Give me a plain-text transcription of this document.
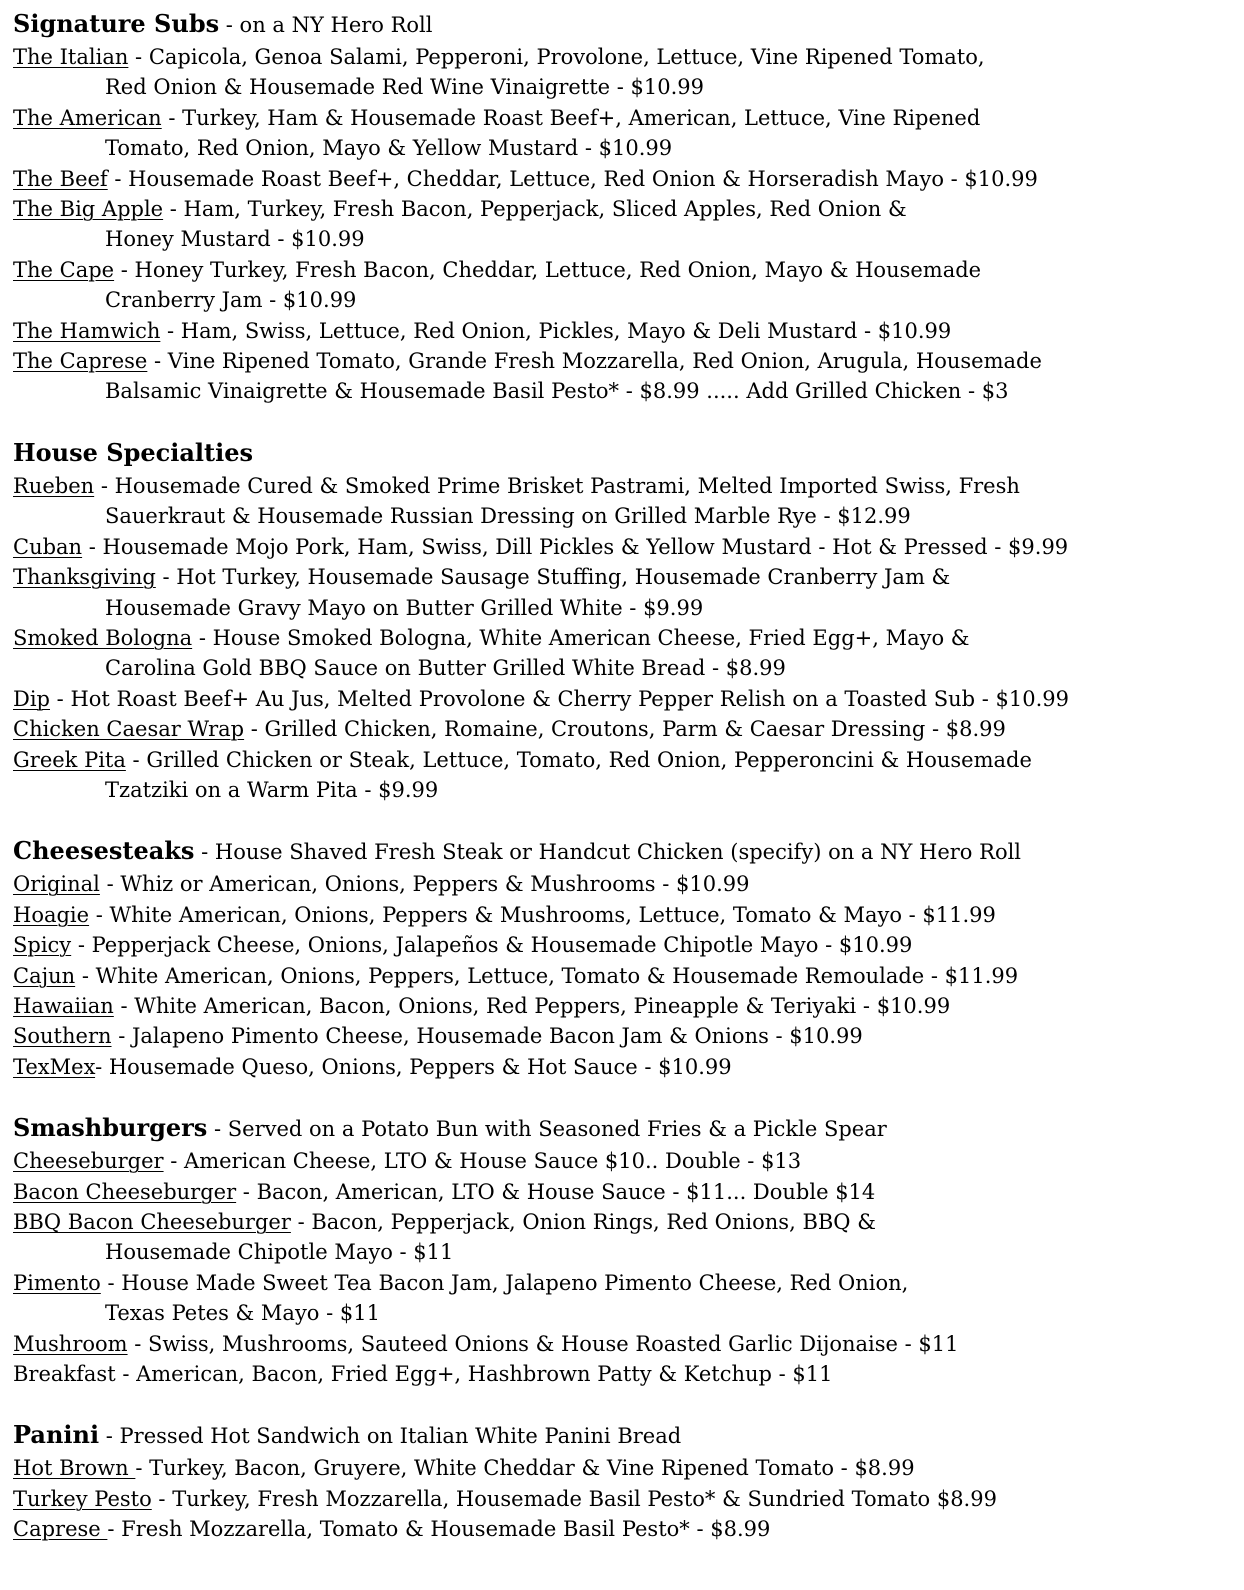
Signature Subs - on a NY Hero Roll
The Italian - Capicola, Genoa Salami, Pepperoni, Provolone, Lettuce, Vine Ripened Tomato,
Red Onion & Housemade Red Wine Vinaigrette - $10.99
The American - Turkey, Ham & Housemade Roast Beef+, American, Lettuce, Vine Ripened
Tomato, Red Onion, Mayo & Yellow Mustard - $10.99
The Beef - Housemade Roast Beef+, Cheddar, Lettuce, Red Onion & Horseradish Mayo - $10.99
The Big Apple - Ham, Turkey, Fresh Bacon, Pepperjack, Sliced Apples, Red Onion &
Honey Mustard - $10.99
The Cape - Honey Turkey, Fresh Bacon, Cheddar, Lettuce, Red Onion, Mayo & Housemade
Cranberry Jam - $10.99
The Hamwich - Ham, Swiss, Lettuce, Red Onion, Pickles, Mayo & Deli Mustard - $10.99
The Caprese - Vine Ripened Tomato, Grande Fresh Mozzarella, Red Onion, Arugula, Housemade
Balsamic Vinaigrette & Housemade Basil Pesto* - $8.99 ..... Add Grilled Chicken - $3
House Specialties
Rueben - Housemade Cured & Smoked Prime Brisket Pastrami, Melted Imported Swiss, Fresh
Sauerkraut & Housemade Russian Dressing on Grilled Marble Rye - $12.99
Cuban - Housemade Mojo Pork, Ham, Swiss, Dill Pickles & Yellow Mustard - Hot & Pressed - $9.99
Thanksgiving - Hot Turkey, Housemade Sausage Stuffing, Housemade Cranberry Jam &
Housemade Gravy Mayo on Butter Grilled White - $9.99
Smoked Bologna - House Smoked Bologna, White American Cheese, Fried Egg+, Mayo &
Carolina Gold BBQ Sauce on Butter Grilled White Bread - $8.99
Dip - Hot Roast Beef+ Au Jus, Melted Provolone & Cherry Pepper Relish on a Toasted Sub - $10.99
Chicken Caesar Wrap - Grilled Chicken, Romaine, Croutons, Parm & Caesar Dressing - $8.99
Greek Pita - Grilled Chicken or Steak, Lettuce, Tomato, Red Onion, Pepperoncini & Housemade
Tzatziki on a Warm Pita - $9.99
Cheesesteaks - House Shaved Fresh Steak or Handcut Chicken (specify) on a NY Hero Roll
Original - Whiz or American, Onions, Peppers & Mushrooms - $10.99
Hoagie - White American, Onions, Peppers & Mushrooms, Lettuce, Tomato & Mayo - $11.99
Spicy - Pepperjack Cheese, Onions, Jalapeños & Housemade Chipotle Mayo - $10.99
Cajun - White American, Onions, Peppers, Lettuce, Tomato & Housemade Remoulade - $11.99
Hawaiian - White American, Bacon, Onions, Red Peppers, Pineapple & Teriyaki - $10.99
Southern - Jalapeno Pimento Cheese, Housemade Bacon Jam & Onions - $10.99
TexMex- Housemade Queso, Onions, Peppers & Hot Sauce - $10.99
Smashburgers - Served on a Potato Bun with Seasoned Fries & a Pickle Spear
Cheeseburger - American Cheese, LTO & House Sauce $10.. Double - $13
Bacon Cheeseburger - Bacon, American, LTO & House Sauce - $11... Double $14
BBQ Bacon Cheeseburger - Bacon, Pepperjack, Onion Rings, Red Onions, BBQ &
Housemade Chipotle Mayo - $11
Pimento - House Made Sweet Tea Bacon Jam, Jalapeno Pimento Cheese, Red Onion,
Texas Petes & Mayo - $11
Mushroom - Swiss, Mushrooms, Sauteed Onions & House Roasted Garlic Dijonaise - $11
Breakfast - American, Bacon, Fried Egg+, Hashbrown Patty & Ketchup - $11
Panini - Pressed Hot Sandwich on Italian White Panini Bread
Hot Brown - Turkey, Bacon, Gruyere, White Cheddar & Vine Ripened Tomato - $8.99
Turkey Pesto - Turkey, Fresh Mozzarella, Housemade Basil Pesto* & Sundried Tomato $8.99
Caprese - Fresh Mozzarella, Tomato & Housemade Basil Pesto* - $8.99
